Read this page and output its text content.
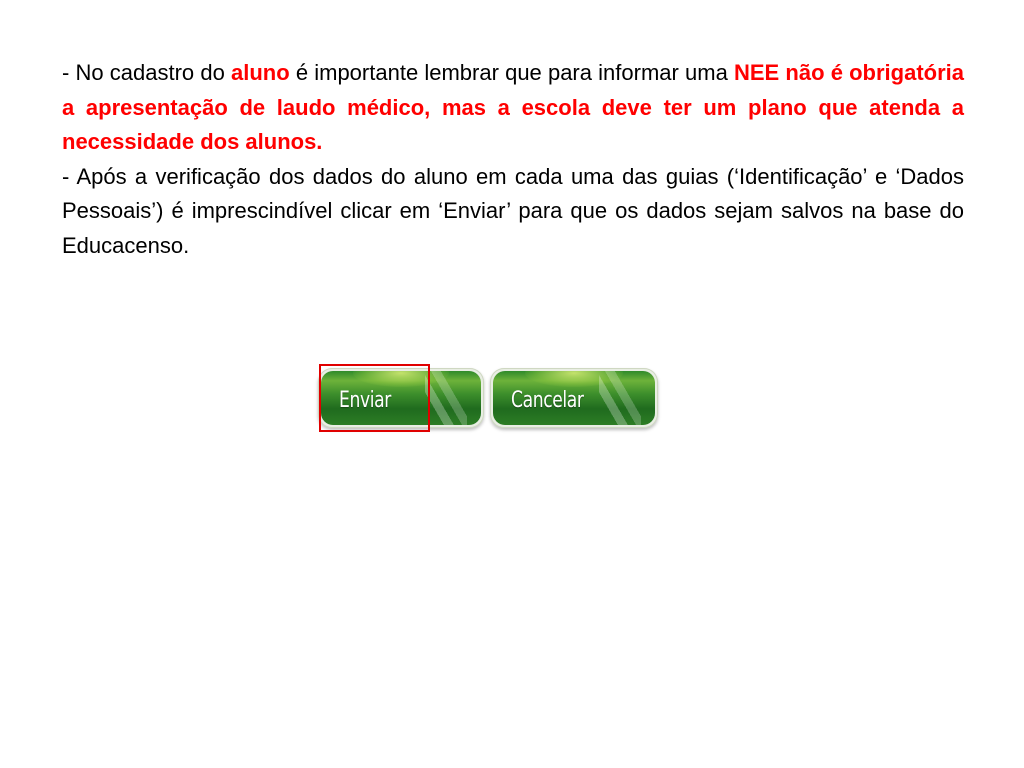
- No cadastro do aluno é importante lembrar que para informar uma NEE não é obrigatória a apresentação de laudo médico, mas a escola deve ter um plano que atenda a necessidade dos alunos.

- Após a verificação dos dados do aluno em cada uma das guias (‘Identificação’ e ‘Dados Pessoais’) é imprescindível clicar em ‘Enviar’ para que os dados sejam salvos na base do Educacenso.

Enviar	Cancelar
